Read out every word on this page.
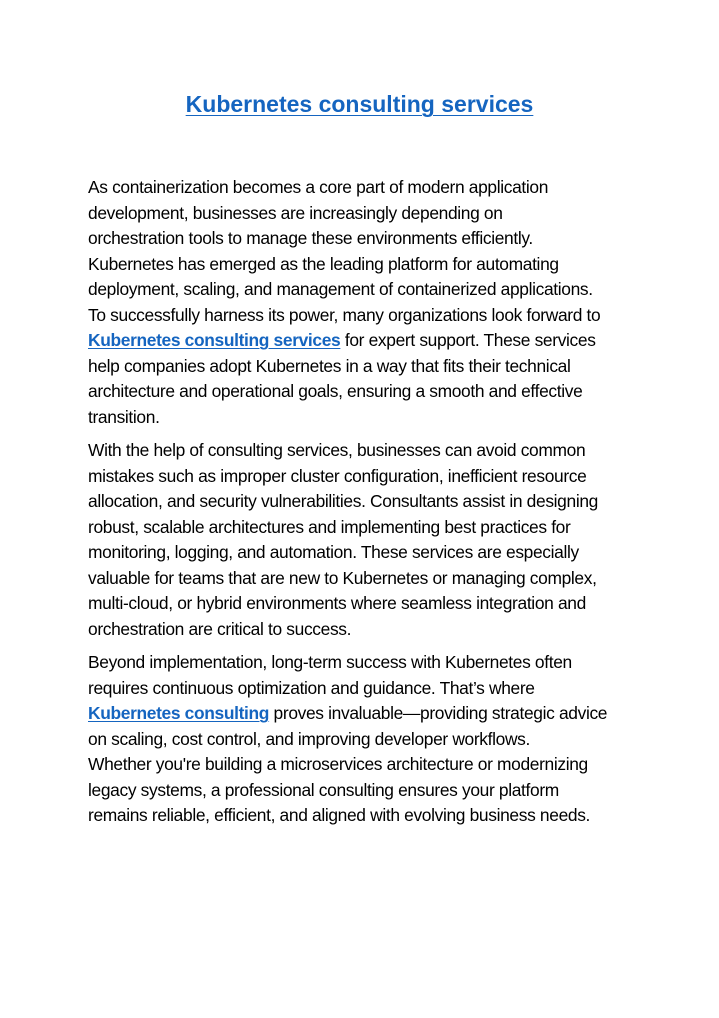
Kubernetes consulting services

As containerization becomes a core part of modern application
development, businesses are increasingly depending on
orchestration tools to manage these environments efficiently.
Kubernetes has emerged as the leading platform for automating
deployment, scaling, and management of containerized applications.
To successfully harness its power, many organizations look forward to
Kubernetes consulting services for expert support. These services
help companies adopt Kubernetes in a way that fits their technical
architecture and operational goals, ensuring a smooth and effective
transition.

With the help of consulting services, businesses can avoid common
mistakes such as improper cluster configuration, inefficient resource
allocation, and security vulnerabilities. Consultants assist in designing
robust, scalable architectures and implementing best practices for
monitoring, logging, and automation. These services are especially
valuable for teams that are new to Kubernetes or managing complex,
multi-cloud, or hybrid environments where seamless integration and
orchestration are critical to success.

Beyond implementation, long-term success with Kubernetes often
requires continuous optimization and guidance. That’s where
Kubernetes consulting proves invaluable—providing strategic advice
on scaling, cost control, and improving developer workflows.
Whether you're building a microservices architecture or modernizing
legacy systems, a professional consulting ensures your platform
remains reliable, efficient, and aligned with evolving business needs.
